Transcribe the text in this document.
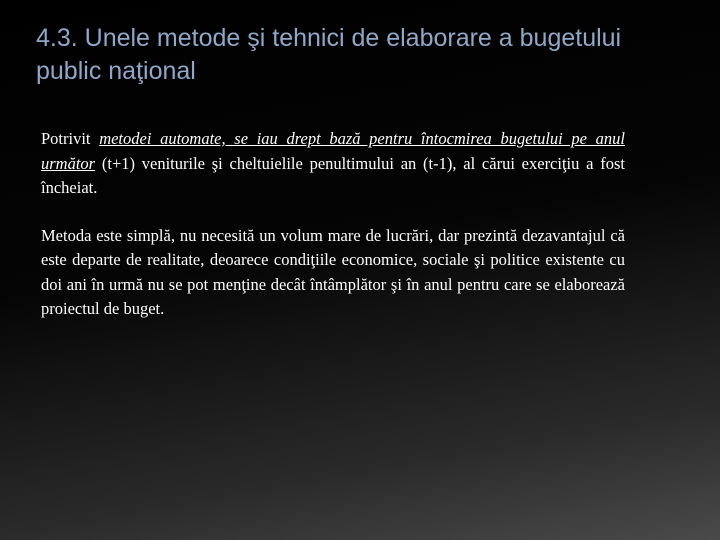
4.3. Unele metode şi tehnici de elaborare a bugetului public naţional

Potrivit metodei automate, se iau drept bază pentru întocmirea bugetului pe anul următor (t+1) veniturile şi cheltuielile penultimului an (t-1), al cărui exerciţiu a fost încheiat.

Metoda este simplă, nu necesită un volum mare de lucrări, dar prezintă dezavantajul că este departe de realitate, deoarece condiţiile economice, sociale şi politice existente cu doi ani în urmă nu se pot menţine decât întâmplător şi în anul pentru care se elaborează proiectul de buget.
